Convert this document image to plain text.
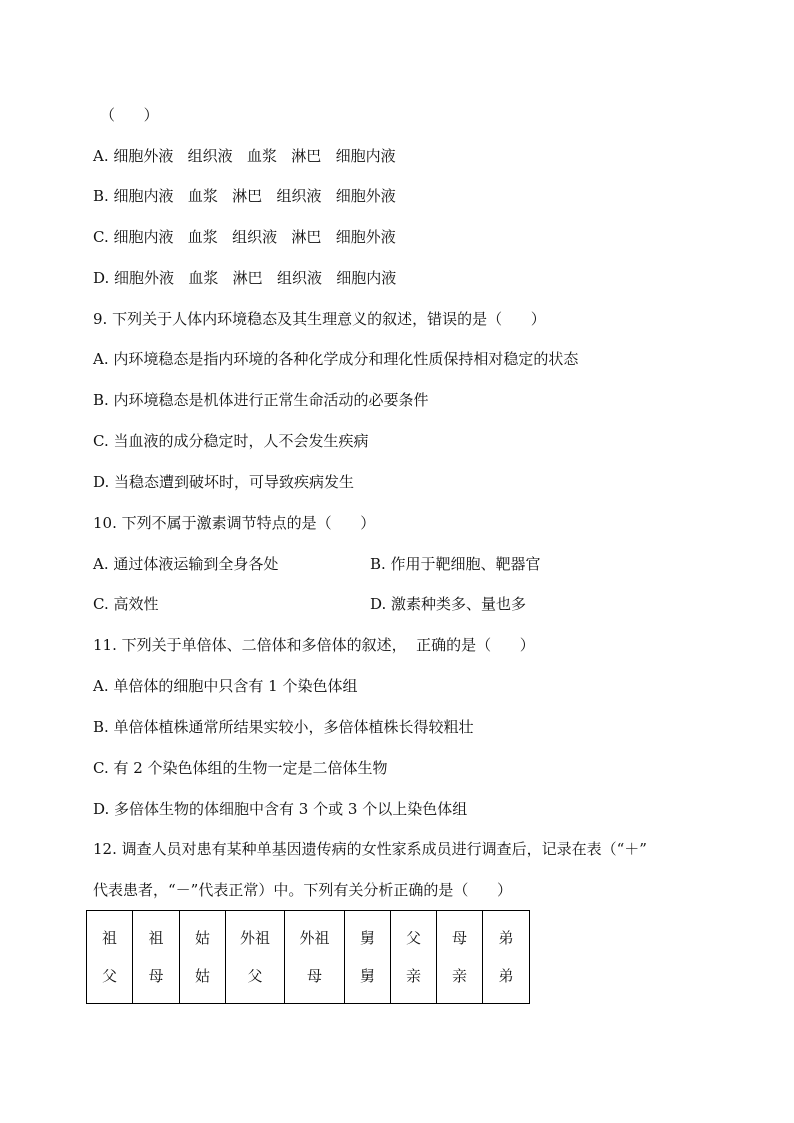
（      ）
A. 细胞外液   组织液   血浆   淋巴   细胞内液
B. 细胞内液   血浆   淋巴   组织液   细胞外液
C. 细胞内液   血浆   组织液   淋巴   细胞外液
D. 细胞外液   血浆   淋巴   组织液   细胞内液
9. 下列关于人体内环境稳态及其生理意义的叙述，错误的是（      ）
A. 内环境稳态是指内环境的各种化学成分和理化性质保持相对稳定的状态
B. 内环境稳态是机体进行正常生命活动的必要条件
C. 当血液的成分稳定时，人不会发生疾病
D. 当稳态遭到破坏时，可导致疾病发生
10. 下列不属于激素调节特点的是（      ）
A. 通过体液运输到全身各处	B. 作用于靶细胞、靶器官
C. 高效性	D. 激素种类多、量也多
11. 下列关于单倍体、二倍体和多倍体的叙述，  正确的是（      ）
A. 单倍体的细胞中只含有 1 个染色体组
B. 单倍体植株通常所结果实较小，多倍体植株长得较粗壮
C. 有 2 个染色体组的生物一定是二倍体生物
D. 多倍体生物的体细胞中含有 3 个或 3 个以上染色体组
12. 调查人员对患有某种单基因遗传病的女性家系成员进行调查后，记录在表（“＋”
代表患者，“－”代表正常）中。下列有关分析正确的是（      ）
祖
父

祖
母

姑
姑

外祖
父

外祖
母

舅
舅

父
亲

母
亲

弟
弟
